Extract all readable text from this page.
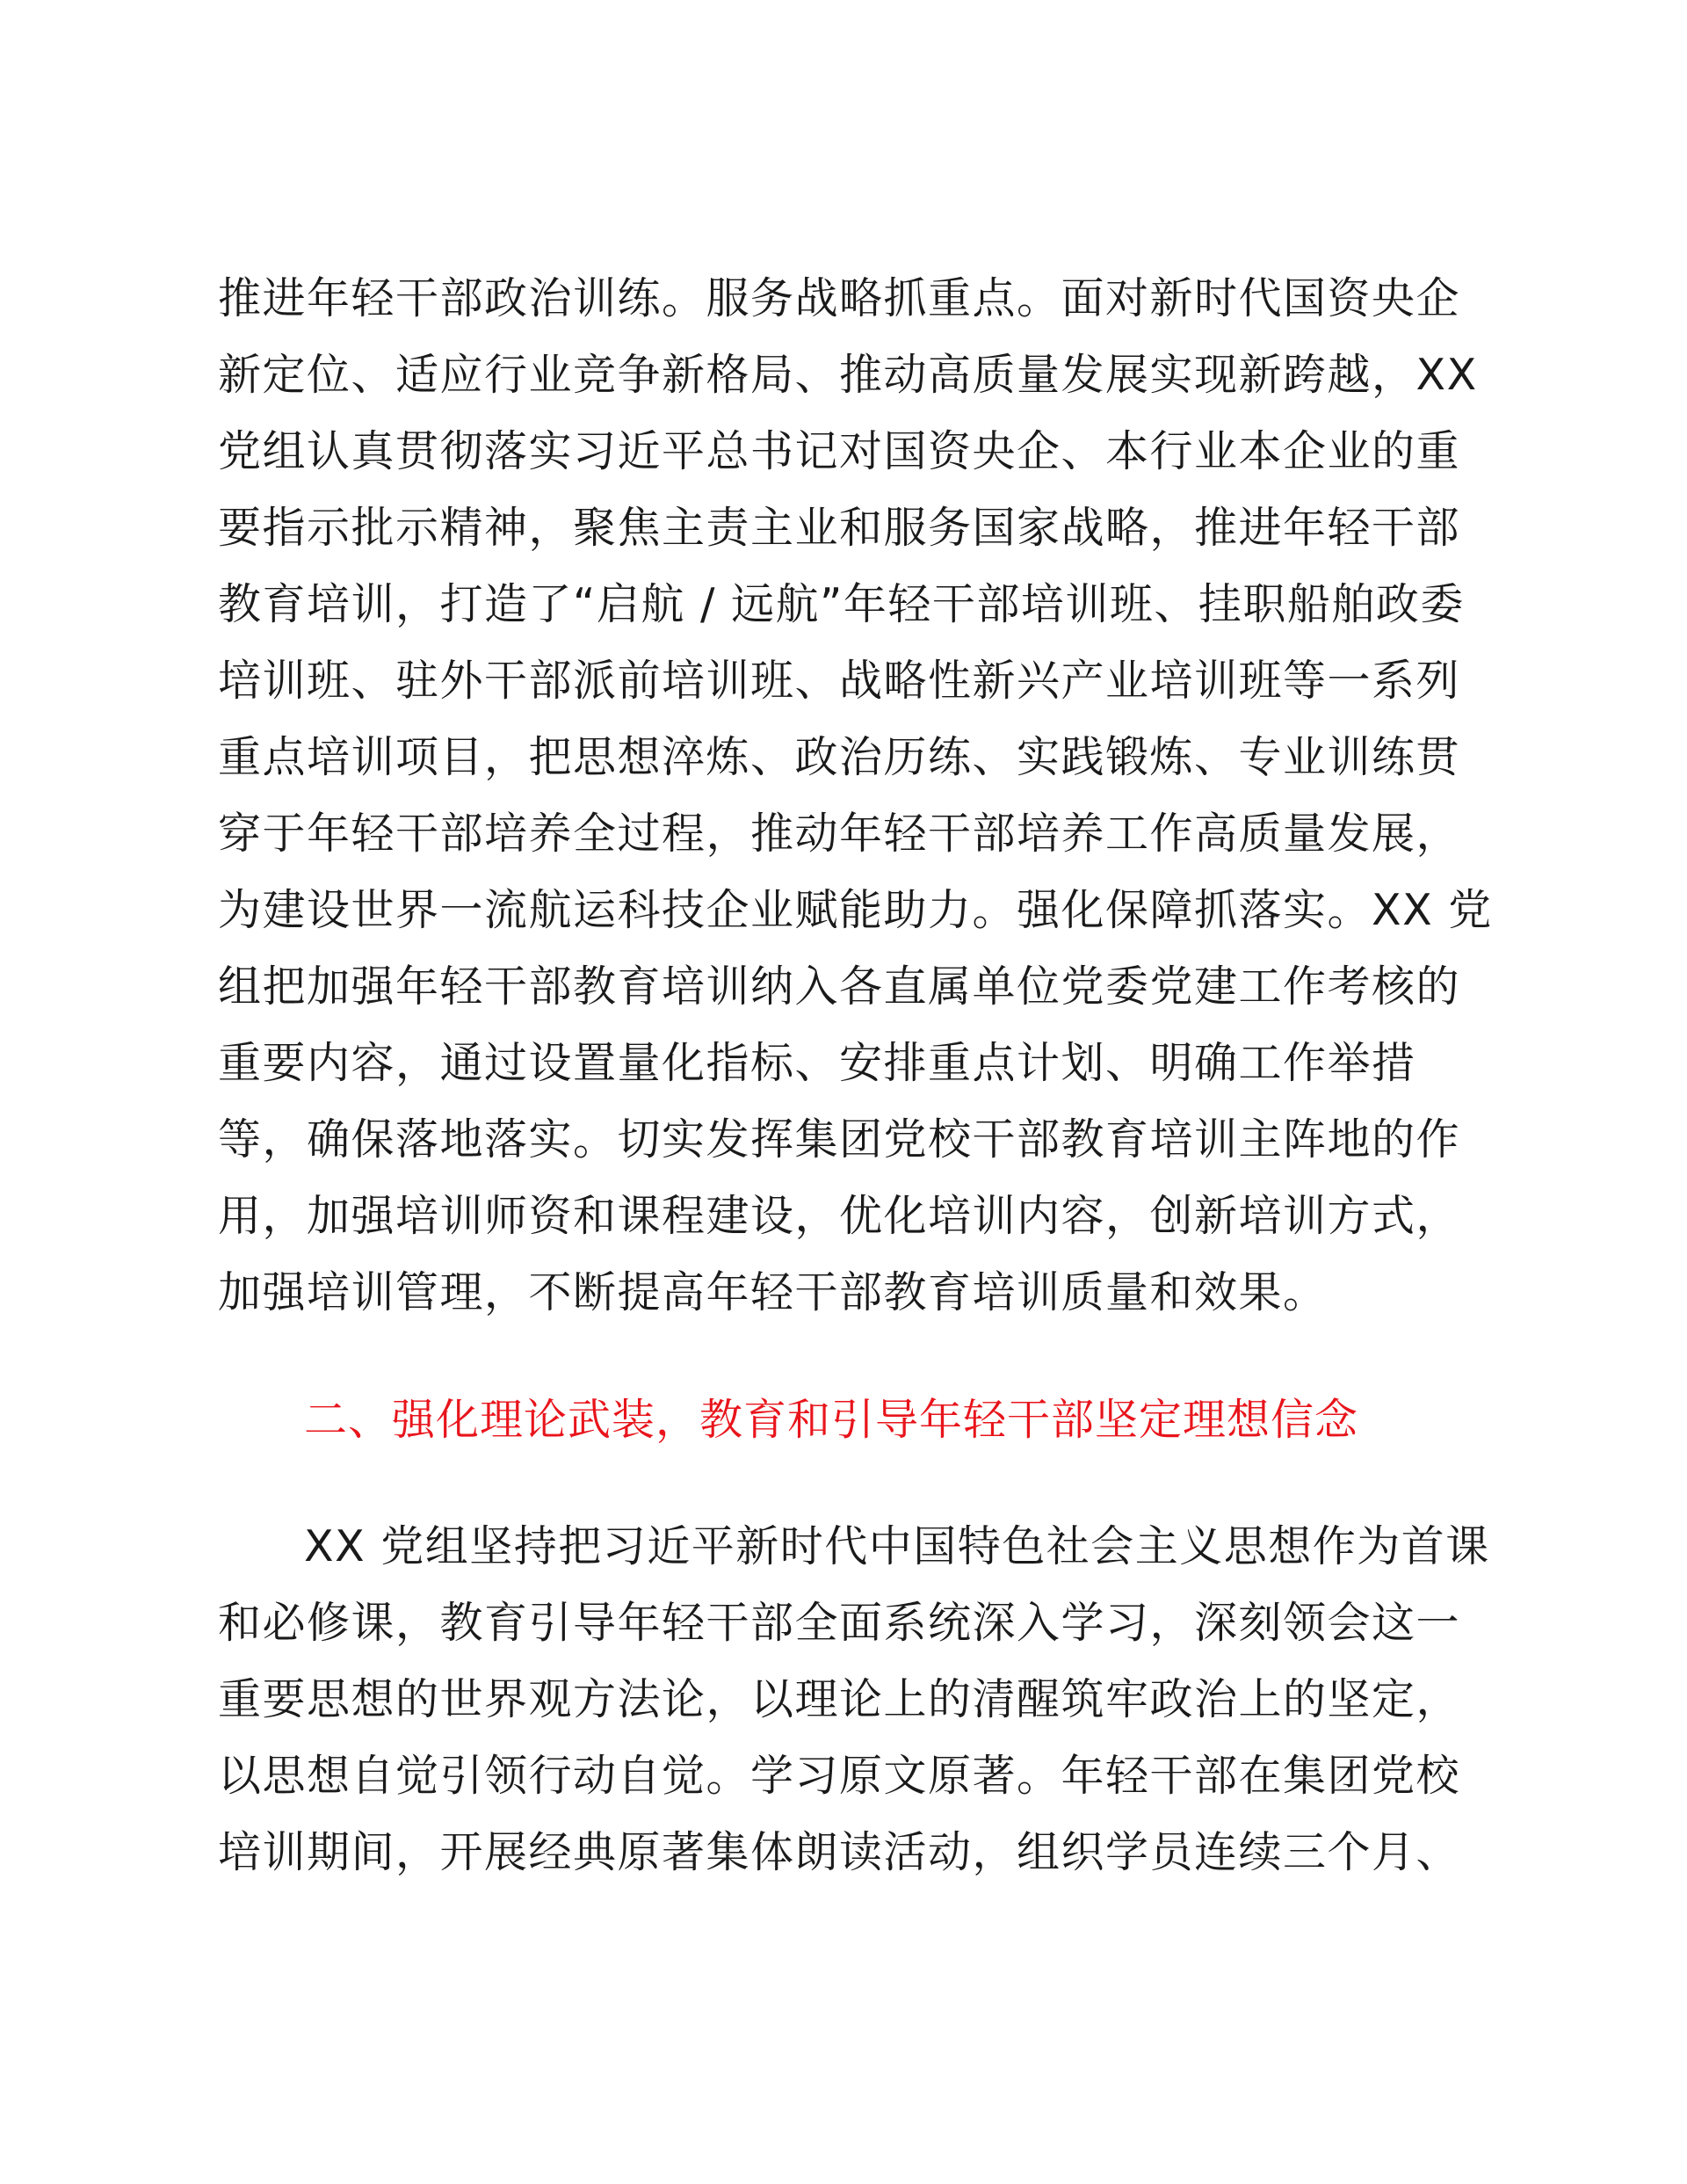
推进年轻干部政治训练。服务战略抓重点。面对新时代国资央企
新定位、适应行业竞争新格局、推动高质量发展实现新跨越，XX
党组认真贯彻落实习近平总书记对国资央企、本行业本企业的重
要指示批示精神，聚焦主责主业和服务国家战略，推进年轻干部
教育培训，打造了“启航 / 远航”年轻干部培训班、挂职船舶政委
培训班、驻外干部派前培训班、战略性新兴产业培训班等一系列
重点培训项目，把思想淬炼、政治历练、实践锻炼、专业训练贯
穿于年轻干部培养全过程，推动年轻干部培养工作高质量发展，
为建设世界一流航运科技企业赋能助力。强化保障抓落实。XX 党
组把加强年轻干部教育培训纳入各直属单位党委党建工作考核的
重要内容，通过设置量化指标、安排重点计划、明确工作举措
等，确保落地落实。切实发挥集团党校干部教育培训主阵地的作
用，加强培训师资和课程建设，优化培训内容，创新培训方式，
加强培训管理，不断提高年轻干部教育培训质量和效果。
二、强化理论武装，教育和引导年轻干部坚定理想信念
XX 党组坚持把习近平新时代中国特色社会主义思想作为首课
和必修课，教育引导年轻干部全面系统深入学习，深刻领会这一
重要思想的世界观方法论，以理论上的清醒筑牢政治上的坚定，
以思想自觉引领行动自觉。学习原文原著。年轻干部在集团党校
培训期间，开展经典原著集体朗读活动，组织学员连续三个月、
